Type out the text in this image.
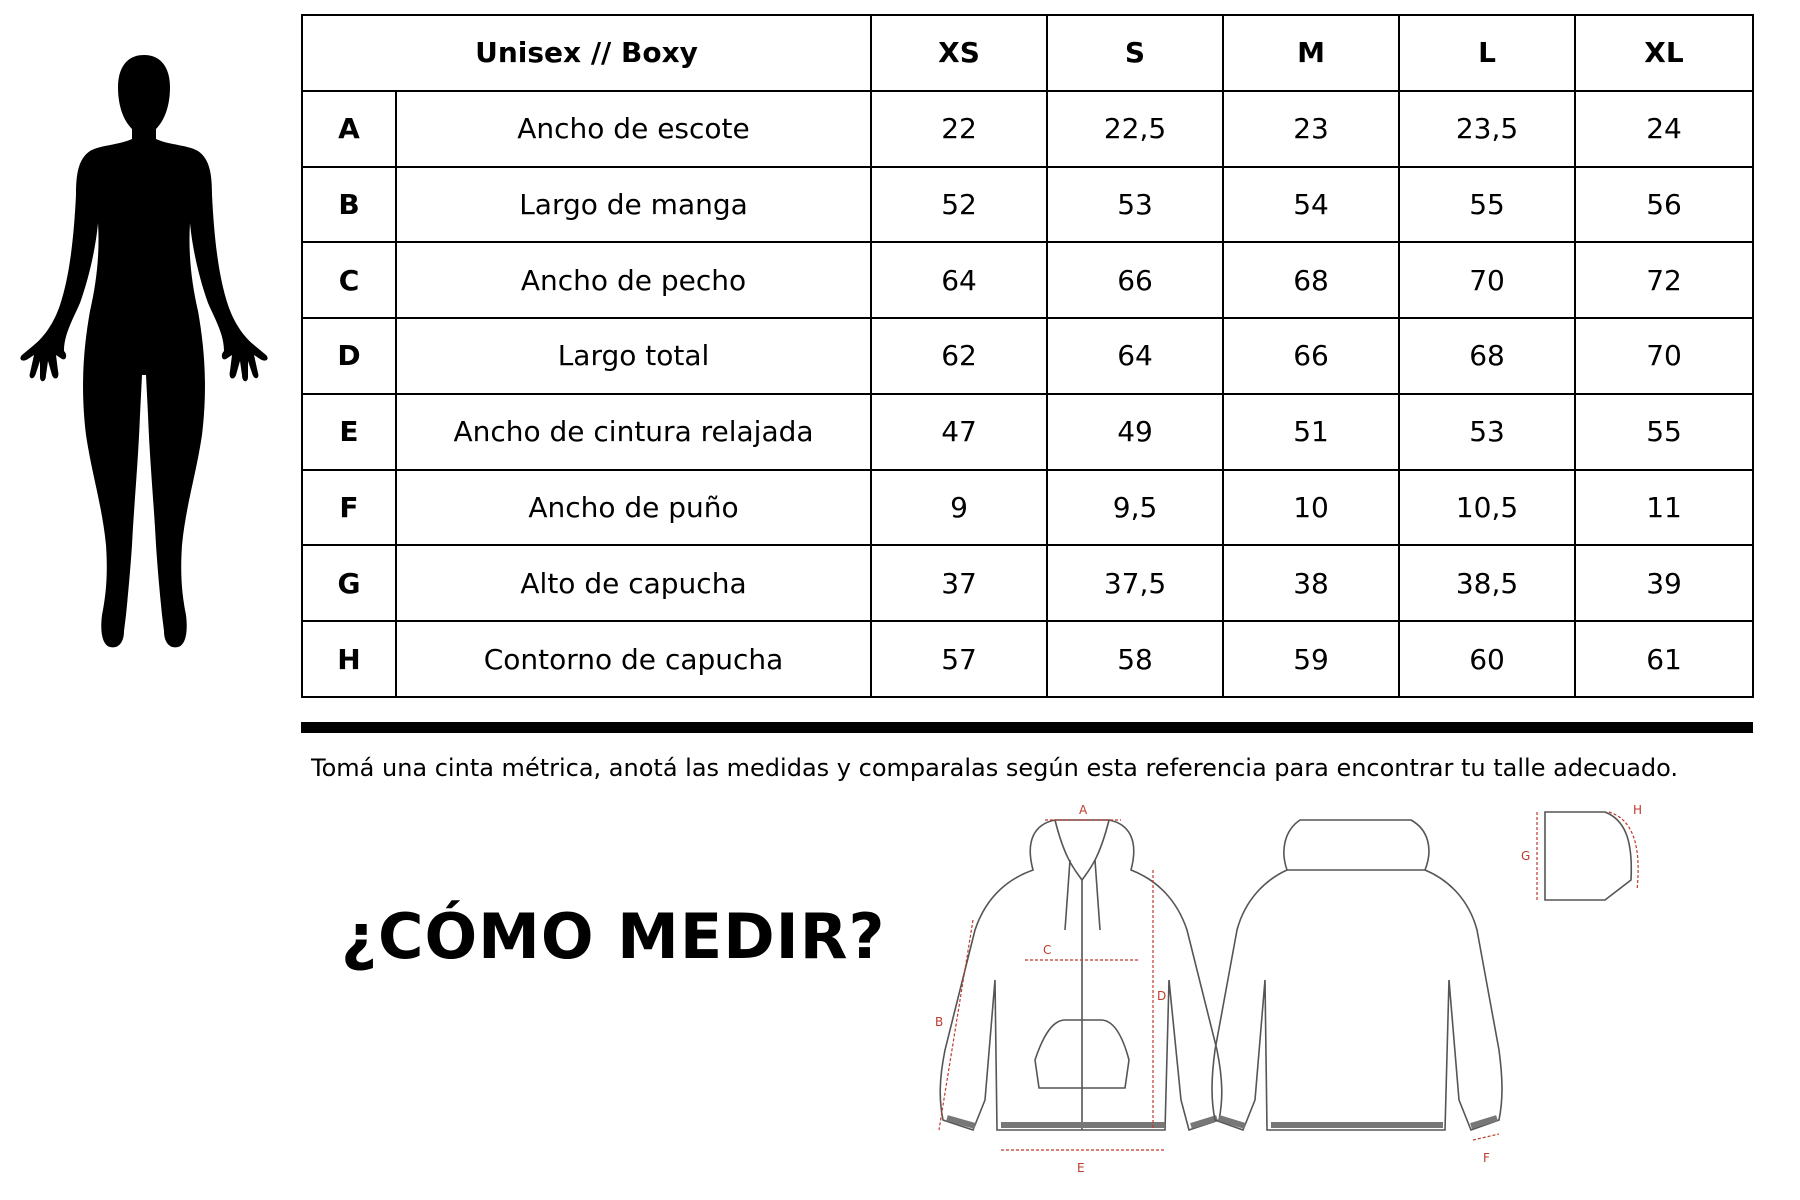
Unisex // Boxy		XS	S	M	L	XL
A	Ancho de escote	22	22,5	23	23,5	24
B	Largo de manga	52	53	54	55	56
C	Ancho de pecho	64	66	68	70	72
D	Largo total	62	64	66	68	70
E	Ancho de cintura relajada	47	49	51	53	55
F	Ancho de puño	9	9,5	10	10,5	11
G	Alto de capucha	37	37,5	38	38,5	39
H	Contorno de capucha	57	58	59	60	61
Tomá una cinta métrica, anotá las medidas y comparalas según esta referencia para encontrar tu talle adecuado.
¿CÓMO MEDIR?
A
C
D
B
E
F
G
H
